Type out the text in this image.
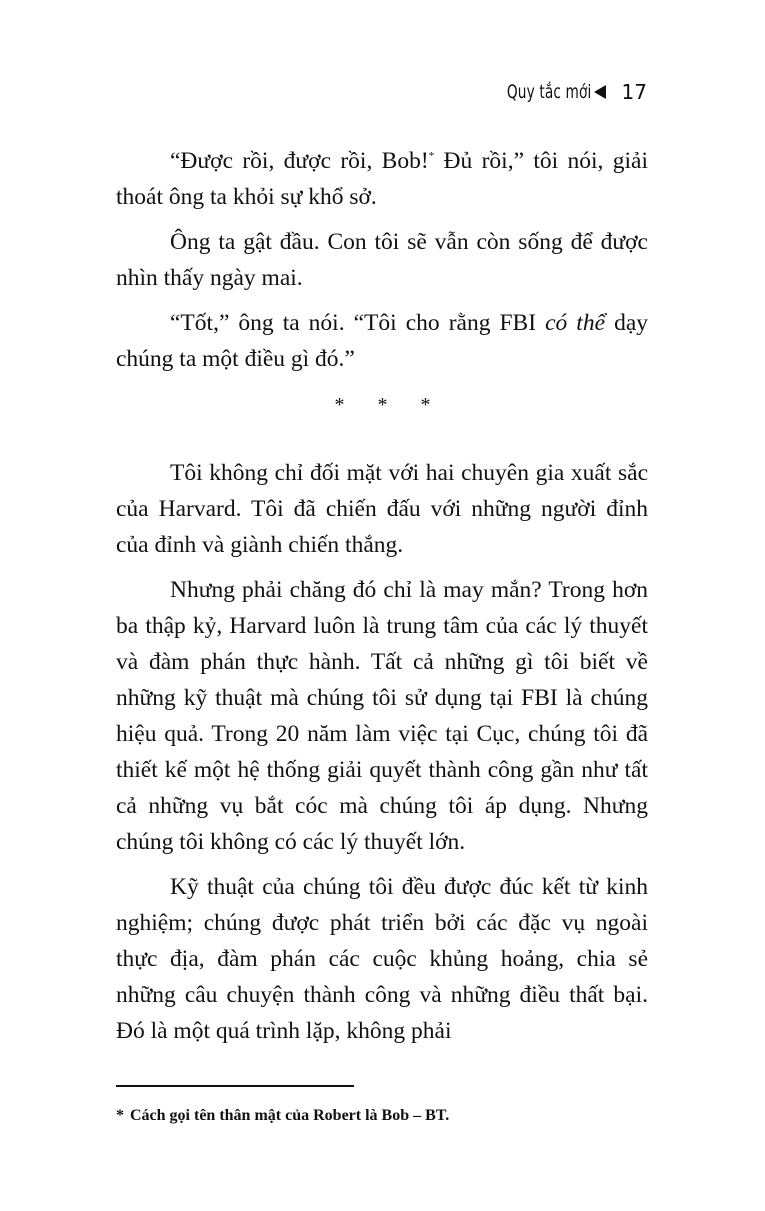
Quy tắc mới 17

“Được rồi, được rồi, Bob!* Đủ rồi,” tôi nói, giải thoát ông ta khỏi sự khổ sở.

Ông ta gật đầu. Con tôi sẽ vẫn còn sống để được nhìn thấy ngày mai.

“Tốt,” ông ta nói. “Tôi cho rằng FBI có thể dạy chúng ta một điều gì đó.”

* * *

Tôi không chỉ đối mặt với hai chuyên gia xuất sắc của Harvard. Tôi đã chiến đấu với những người đỉnh của đỉnh và giành chiến thắng.

Nhưng phải chăng đó chỉ là may mắn? Trong hơn ba thập kỷ, Harvard luôn là trung tâm của các lý thuyết và đàm phán thực hành. Tất cả những gì tôi biết về những kỹ thuật mà chúng tôi sử dụng tại FBI là chúng hiệu quả. Trong 20 năm làm việc tại Cục, chúng tôi đã thiết kế một hệ thống giải quyết thành công gần như tất cả những vụ bắt cóc mà chúng tôi áp dụng. Nhưng chúng tôi không có các lý thuyết lớn.

Kỹ thuật của chúng tôi đều được đúc kết từ kinh nghiệm; chúng được phát triển bởi các đặc vụ ngoài thực địa, đàm phán các cuộc khủng hoảng, chia sẻ những câu chuyện thành công và những điều thất bại. Đó là một quá trình lặp, không phải

* Cách gọi tên thân mật của Robert là Bob – BT.
